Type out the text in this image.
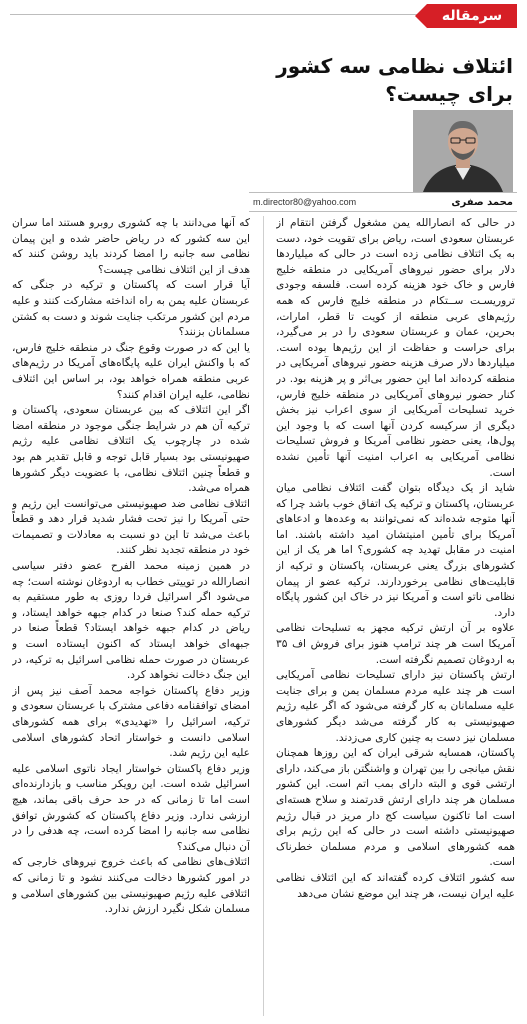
سرمقاله
ائتلاف نظامی سه کشور
برای چیست؟
محمد صفری
m.director80@yahoo.com

در حالی که انصارالله یمن مشغول گرفتن انتقام از عربستان سعودی است، ریاض برای تقویت خود، دست به یک ائتلاف نظامی زده است در حالی که میلیاردها دلار برای حضور نیروهای آمریکایی در منطقه خلیج فارس و خاک خود هزینه کرده است. فلسفه وجودی تروریسـت ســتکام در منطقه خلیج فارس که همه رژیم‌های عربی منطقه از کویت تا قطر، امارات، بحرین، عمان و عربستان سعودی را در بر می‌گیرد، برای حراست و حفاظت از این رژیم‌ها بوده است. میلیاردها دلار صرف هزینه حضور نیروهای آمریکایی در منطقه کرده‌اند اما این حضور بی‌اثر و پر هزینه بود. در کنار حضور نیروهای آمریکایی در منطقه خلیج فارس، خرید تسلیحات آمریکایی از سوی اعراب نیز بخش دیگری از سرکیسه کردن آنها است که با وجود این پول‌ها، یعنی حضور نظامی آمریکا و فروش تسلیحات نظامی آمریکایی به اعراب امنیت آنها تأمین نشده است.

شاید از یک دیدگاه بتوان گفت ائتلاف نظامی میان عربستان، پاکستان و ترکیه یک اتفاق خوب باشد چرا که آنها متوجه شده‌اند که نمی‌توانند به وعده‌ها و ادعاهای آمریکا برای تأمین امنیتشان امید داشته باشند. اما امنیت در مقابل تهدید چه کشوری؟ اما هر یک از این کشورهای بزرگ یعنی عربستان، پاکستان و ترکیه از قابلیت‌های نظامی برخوردارند. ترکیه عضو از پیمان نظامی ناتو است و آمریکا نیز در خاک این کشور پایگاه دارد.

علاوه بر آن ارتش ترکیه مجهز به تسلیحات نظامی آمریکا است هر چند ترامپ هنوز برای فروش اف ۳۵ به اردوغان تصمیم نگرفته است.

ارتش پاکستان نیز دارای تسلیحات نظامی آمریکایی است هر چند علیه مردم مسلمان یمن و برای جنایت علیه مسلمانان به کار گرفته می‌شود که اگر علیه رژیم صهیونیستی به کار گرفته می‌شد دیگر کشورهای مسلمان نیز دست به چنین کاری می‌زدند.

پاکستان، همسایه شرقی ایران که این روزها همچنان نقش میانجی را بین تهران و واشنگتن باز می‌کند، دارای ارتشی قوی و البته دارای بمب اتم است. این کشور مسلمان هر چند دارای ارتش قدرتمند و سلاح هسته‌ای است اما تاکنون سیاست کج دار مریز در قبال رژیم صهیونیستی داشته است در حالی که این رژیم برای همه کشورهای اسلامی و مردم مسلمان خطرناک است.

سه کشور ائتلاف کرده گفته‌اند که این ائتلاف نظامی علیه ایران نیست، هر چند این موضع نشان می‌دهد

که آنها می‌دانند با چه کشوری روبرو هستند اما سران این سه کشور که در ریاض حاضر شده و این پیمان نظامی سه جانبه را امضا کردند باید روشن کنند که هدف از این ائتلاف نظامی چیست؟

آیا قرار است که پاکستان و ترکیه در جنگی که عربستان علیه یمن به راه انداخته مشارکت کنند و علیه مردم این کشور مرتکب جنایت شوند و دست به کشتن مسلمانان بزنند؟

یا این که در صورت وقوع جنگ در منطقه خلیج فارس، که با واکنش ایران علیه پایگاه‌های آمریکا در رژیم‌های عربی منطقه همراه خواهد بود، بر اساس این ائتلاف نظامی، علیه ایران اقدام کنند؟

اگر این ائتلاف که بین عربستان سعودی، پاکستان و ترکیه آن هم در شرایط جنگی موجود در منطقه امضا شده در چارچوب یک ائتلاف نظامی علیه رژیم صهیونیستی بود بسیار قابل توجه و قابل تقدیر هم بود و قطعاً چنین ائتلاف نظامی، با عضویت دیگر کشورها همراه می‌شد.

ائتلاف نظامی ضد صهیونیستی می‌توانست این رژیم و حتی آمریکا را نیز تحت فشار شدید قرار دهد و قطعاً باعث می‌شد تا این دو نسبت به معادلات و تصمیمات خود در منطقه تجدید نظر کنند.

در همین زمینه محمد الفرح عضو دفتر سیاسی انصارالله در توییتی خطاب به اردوغان نوشته است؛ چه می‌شود اگر اسرائیل فردا روزی به طور مستقیم به ترکیه حمله کند؟ صنعا در کدام جبهه خواهد ایستاد، و ریاض در کدام جبهه خواهد ایستاد؟ قطعاً صنعا در جبهه‌ای خواهد ایستاد که اکنون ایستاده است و عربستان در صورت حمله نظامی اسرائیل به ترکیه، در این جنگ دخالت نخواهد کرد.

وزیر دفاع پاکستان خواجه محمد آصف نیز پس از امضای توافقنامه دفاعی مشترک با عربستان سعودی و ترکیه، اسرائیل را «تهدیدی» برای همه کشورهای اسلامی دانست و خواستار اتحاد کشورهای اسلامی علیه این رژیم شد.

وزیر دفاع پاکستان خواستار ایجاد ناتوی اسلامی علیه اسرائیل شده است. این رویکر مناسب و بازدارنده‌ای است اما تا زمانی که در حد حرف باقی بماند، هیچ ارزشی ندارد. وزیر دفاع پاکستان که کشورش توافق نظامی سه جانبه را امضا کرده است، چه هدفی را در آن دنبال می‌کند؟

ائتلاف‌های نظامی که باعث خروج نیروهای خارجی که در امور کشورها دخالت می‌کنند نشود و تا زمانی که ائتلافی علیه رژیم صهیونیستی بین کشورهای اسلامی و مسلمان شکل نگیرد ارزش ندارد.
